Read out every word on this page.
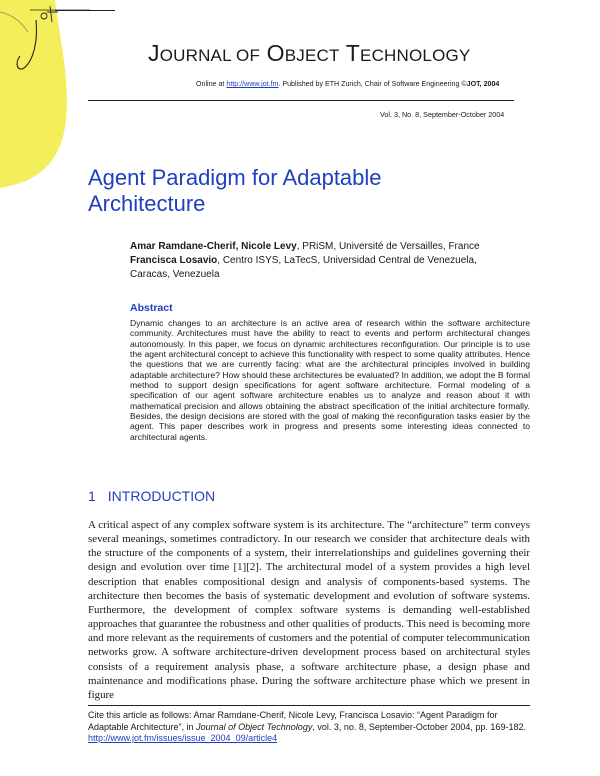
JOURNAL OF OBJECT TECHNOLOGY
Online at http://www.jot.fm. Published by ETH Zurich, Chair of Software Engineering ©JOT, 2004
Vol. 3, No. 8, September-October 2004
Agent Paradigm for Adaptable
Architecture
Amar Ramdane-Cherif, Nicole Levy, PRiSM, Université de Versailles, France
Francisca Losavio, Centro ISYS, LaTecS, Universidad Central de Venezuela,
Caracas, Venezuela
Abstract
Dynamic changes to an architecture is an active area of research within the software architecture community. Architectures must have the ability to react to events and perform architectural changes autonomously. In this paper, we focus on dynamic architectures reconfiguration. Our principle is to use the agent architectural concept to achieve this functionality with respect to some quality attributes. Hence the questions that we are currently facing: what are the architectural principles involved in building adaptable architecture? How should these architectures be evaluated? In addition, we adopt the B formal method to support design specifications for agent software architecture. Formal modeling of a specification of our agent software architecture enables us to analyze and reason about it with mathematical precision and allows obtaining the abstract specification of the initial architecture formally. Besides, the design decisions are stored with the goal of making the reconfiguration tasks easier by the agent. This paper describes work in progress and presents some interesting ideas connected to architectural agents.
1 INTRODUCTION
A critical aspect of any complex software system is its architecture. The “architecture” term conveys several meanings, sometimes contradictory. In our research we consider that architecture deals with the structure of the components of a system, their interrelationships and guidelines governing their design and evolution over time [1][2]. The architectural model of a system provides a high level description that enables compositional design and analysis of components-based systems. The architecture then becomes the basis of systematic development and evolution of software systems. Furthermore, the development of complex software systems is demanding well-established approaches that guarantee the robustness and other qualities of products. This need is becoming more and more relevant as the requirements of customers and the potential of computer telecommunication networks grow. A software architecture-driven development process based on architectural styles consists of a requirement analysis phase, a software architecture phase, a design phase and maintenance and modifications phase. During the software architecture phase which we present in figure
Cite this article as follows: Amar Ramdane-Cherif, Nicole Levy, Francisca Losavio: “Agent Paradigm for Adaptable Architecture”, in Journal of Object Technology, vol. 3, no. 8, September-October 2004, pp. 169-182. http://www.jot.fm/issues/issue_2004_09/article4
